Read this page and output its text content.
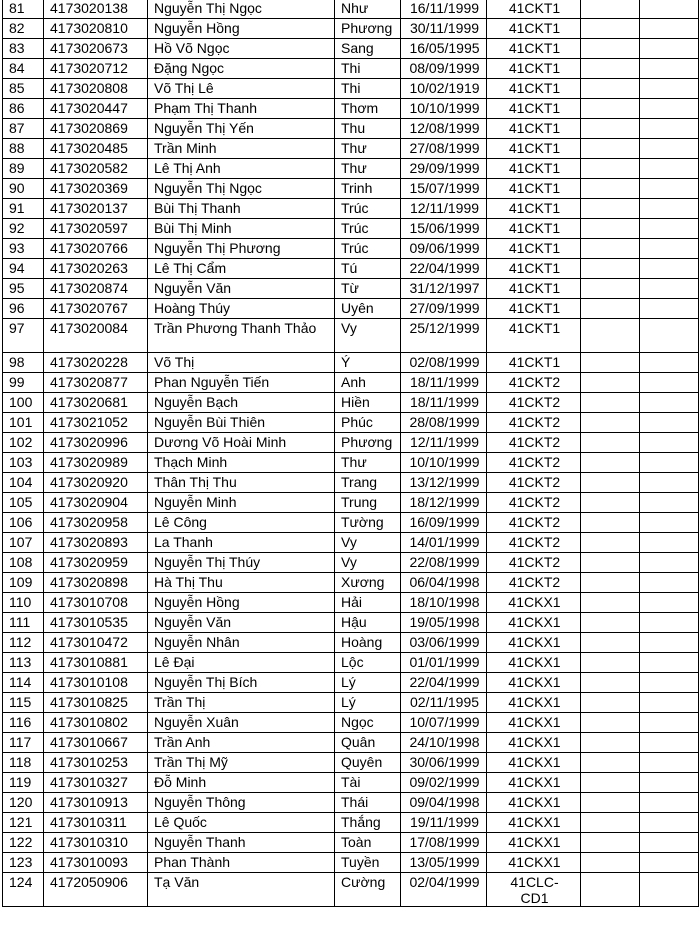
81	4173020138	Nguyễn Thị Ngọc	Như	16/11/1999	41CKT1		
82	4173020810	Nguyễn Hồng	Phương	30/11/1999	41CKT1		
83	4173020673	Hồ Võ Ngọc	Sang	16/05/1995	41CKT1		
84	4173020712	Đặng Ngọc	Thi	08/09/1999	41CKT1		
85	4173020808	Võ Thị Lê	Thi	10/02/1919	41CKT1		
86	4173020447	Phạm Thị Thanh	Thơm	10/10/1999	41CKT1		
87	4173020869	Nguyễn Thị Yến	Thu	12/08/1999	41CKT1		
88	4173020485	Trần Minh	Thư	27/08/1999	41CKT1		
89	4173020582	Lê Thị Anh	Thư	29/09/1999	41CKT1		
90	4173020369	Nguyễn Thị Ngọc	Trinh	15/07/1999	41CKT1		
91	4173020137	Bùi Thị Thanh	Trúc	12/11/1999	41CKT1		
92	4173020597	Bùi Thị Minh	Trúc	15/06/1999	41CKT1		
93	4173020766	Nguyễn Thị Phương	Trúc	09/06/1999	41CKT1		
94	4173020263	Lê Thị Cẩm	Tú	22/04/1999	41CKT1		
95	4173020874	Nguyễn Văn	Từ	31/12/1997	41CKT1		
96	4173020767	Hoàng Thúy	Uyên	27/09/1999	41CKT1		
97	4173020084	Trần Phương Thanh Thảo	Vy	25/12/1999	41CKT1		
98	4173020228	Võ Thị	Ý	02/08/1999	41CKT1		
99	4173020877	Phan Nguyễn Tiến	Anh	18/11/1999	41CKT2		
100	4173020681	Nguyễn Bạch	Hiền	18/11/1999	41CKT2		
101	4173021052	Nguyễn Bùi Thiên	Phúc	28/08/1999	41CKT2		
102	4173020996	Dương Võ Hoài Minh	Phương	12/11/1999	41CKT2		
103	4173020989	Thạch Minh	Thư	10/10/1999	41CKT2		
104	4173020920	Thân Thị Thu	Trang	13/12/1999	41CKT2		
105	4173020904	Nguyễn Minh	Trung	18/12/1999	41CKT2		
106	4173020958	Lê Công	Tường	16/09/1999	41CKT2		
107	4173020893	La Thanh	Vy	14/01/1999	41CKT2		
108	4173020959	Nguyễn Thị Thúy	Vy	22/08/1999	41CKT2		
109	4173020898	Hà Thị Thu	Xương	06/04/1998	41CKT2		
110	4173010708	Nguyễn Hồng	Hải	18/10/1998	41CKX1		
111	4173010535	Nguyễn Văn	Hậu	19/05/1998	41CKX1		
112	4173010472	Nguyễn Nhân	Hoàng	03/06/1999	41CKX1		
113	4173010881	Lê Đại	Lộc	01/01/1999	41CKX1		
114	4173010108	Nguyễn Thị Bích	Lý	22/04/1999	41CKX1		
115	4173010825	Trần Thị	Lý	02/11/1995	41CKX1		
116	4173010802	Nguyễn Xuân	Ngọc	10/07/1999	41CKX1		
117	4173010667	Trần Anh	Quân	24/10/1998	41CKX1		
118	4173010253	Trần Thị Mỹ	Quyên	30/06/1999	41CKX1		
119	4173010327	Đỗ Minh	Tài	09/02/1999	41CKX1		
120	4173010913	Nguyễn Thông	Thái	09/04/1998	41CKX1		
121	4173010311	Lê Quốc	Thắng	19/11/1999	41CKX1		
122	4173010310	Nguyễn Thanh	Toàn	17/08/1999	41CKX1		
123	4173010093	Phan Thành	Tuyền	13/05/1999	41CKX1		
124	4172050906	Tạ Văn	Cường	02/04/1999	41CLC-
CD1		
